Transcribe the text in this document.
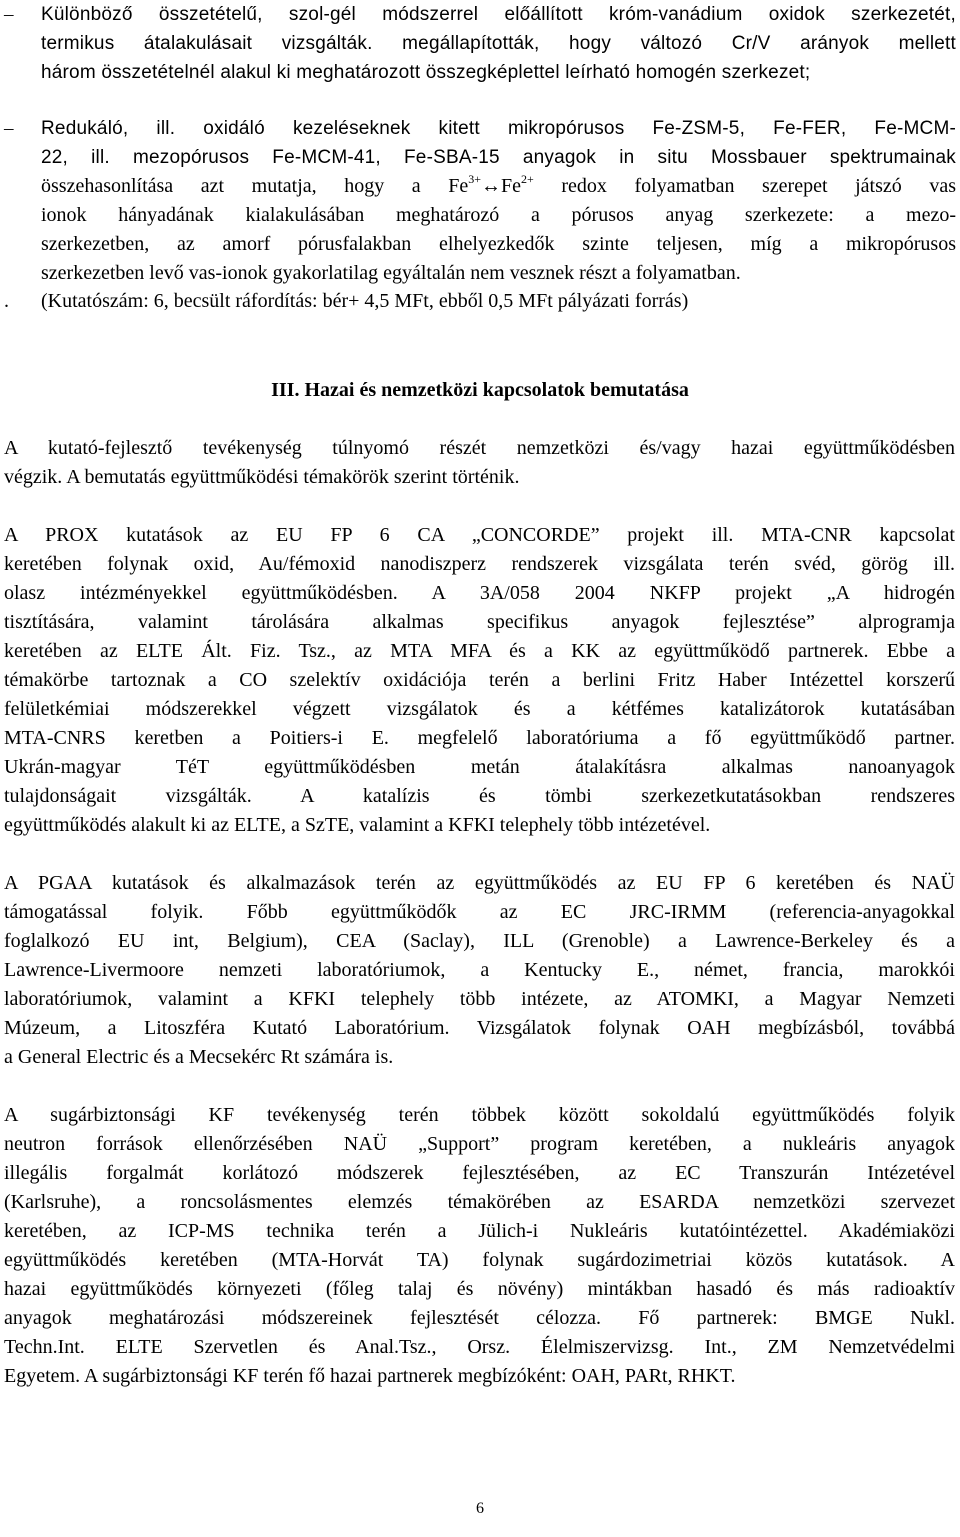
–	Különböző összetételű, szol-gél módszerrel előállított króm-vanádium oxidok szerkezetét,
termikus átalakulásait vizsgálták. megállapították, hogy változó Cr/V arányok mellett
három összetételnél alakul ki meghatározott összegképlettel leírható homogén szerkezet;
–	Redukáló, ill. oxidáló kezeléseknek kitett mikropórusos Fe-ZSM-5, Fe-FER, Fe-MCM-
22, ill. mezopórusos Fe-MCM-41, Fe-SBA-15 anyagok in situ Mossbauer spektrumainak
összehasonlítása azt mutatja, hogy a $Fe^{3+}\leftrightarrow Fe^{2+}$ redox folyamatban szerepet játszó vas
ionok hányadának kialakulásában meghatározó a pórusos anyag szerkezete: a mezo-
szerkezetben, az amorf pórusfalakban elhelyezkedők szinte teljesen, míg a mikropórusos
szerkezetben levő vas-ionok gyakorlatilag egyáltalán nem vesznek részt a folyamatban.
. (Kutatószám: 6, becsült ráfordítás: bér+ 4,5 MFt, ebből 0,5 MFt pályázati forrás)
III. Hazai és nemzetközi kapcsolatok bemutatása
A kutató-fejlesztő tevékenység túlnyomó részét nemzetközi és/vagy hazai együttműködésben
végzik. A bemutatás együttműködési témakörök szerint történik.
A PROX kutatások az EU FP 6 CA „CONCORDE” projekt ill. MTA-CNR kapcsolat
keretében folynak oxid, Au/fémoxid nanodiszperz rendszerek vizsgálata terén svéd, görög ill.
olasz intézményekkel együttműködésben. A 3A/058 2004 NKFP projekt „A hidrogén
tisztítására, valamint tárolására alkalmas specifikus anyagok fejlesztése” alprogramja
keretében az ELTE Ált. Fiz. Tsz., az MTA MFA és a KK az együttműködő partnerek. Ebbe a
témakörbe tartoznak a CO szelektív oxidációja terén a berlini Fritz Haber Intézettel korszerű
felületkémiai módszerekkel végzett vizsgálatok és a kétfémes katalizátorok kutatásában
MTA-CNRS keretben a Poitiers-i E. megfelelő laboratóriuma a fő együttműködő partner.
Ukrán-magyar TéT együttműködésben metán átalakításra alkalmas nanoanyagok
tulajdonságait vizsgálták. A katalízis és tömbi szerkezetkutatásokban rendszeres
együttműködés alakult ki az ELTE, a SzTE, valamint a KFKI telephely több intézetével.
A PGAA kutatások és alkalmazások terén az együttműködés az EU FP 6 keretében és NAÜ
támogatással folyik. Főbb együttműködők az EC JRC-IRMM (referencia-anyagokkal
foglalkozó EU int, Belgium), CEA (Saclay), ILL (Grenoble) a Lawrence-Berkeley és a
Lawrence-Livermoore nemzeti laboratóriumok, a Kentucky E., német, francia, marokkói
laboratóriumok, valamint a KFKI telephely több intézete, az ATOMKI, a Magyar Nemzeti
Múzeum, a Litoszféra Kutató Laboratórium. Vizsgálatok folynak OAH megbízásból, továbbá
a General Electric és a Mecsekérc Rt számára is.
A sugárbiztonsági KF tevékenység terén többek között sokoldalú együttműködés folyik
neutron források ellenőrzésében NAÜ „Support” program keretében, a nukleáris anyagok
illegális forgalmát korlátozó módszerek fejlesztésében, az EC Transzurán Intézetével
(Karlsruhe), a roncsolásmentes elemzés témakörében az ESARDA nemzetközi szervezet
keretében, az ICP-MS technika terén a Jülich-i Nukleáris kutatóintézettel. Akadémiaközi
együttműködés keretében (MTA-Horvát TA) folynak sugárdozimetriai közös kutatások. A
hazai együttműködés környezeti (főleg talaj és növény) mintákban hasadó és más radioaktív
anyagok meghatározási módszereinek fejlesztését célozza. Fő partnerek: BMGE Nukl.
Techn.Int. ELTE Szervetlen és Anal.Tsz., Orsz. Élelmiszervizsg. Int., ZM Nemzetvédelmi
Egyetem. A sugárbiztonsági KF terén fő hazai partnerek megbízóként: OAH, PARt, RHKT.
6
